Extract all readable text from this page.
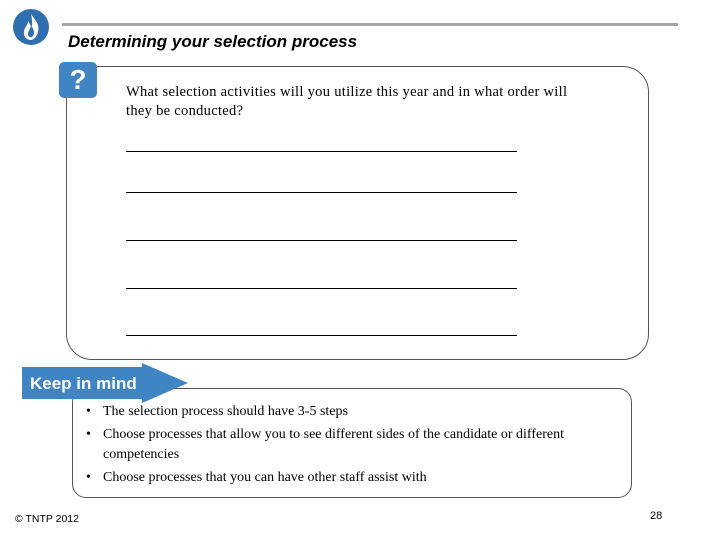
Determining your selection process
?	What selection activities will you utilize this year and in what order will they be conducted?
Keep in mind
• The selection process should have 3-5 steps
• Choose processes that allow you to see different sides of the candidate or different competencies
• Choose processes that you can have other staff assist with
© TNTP 2012	28
